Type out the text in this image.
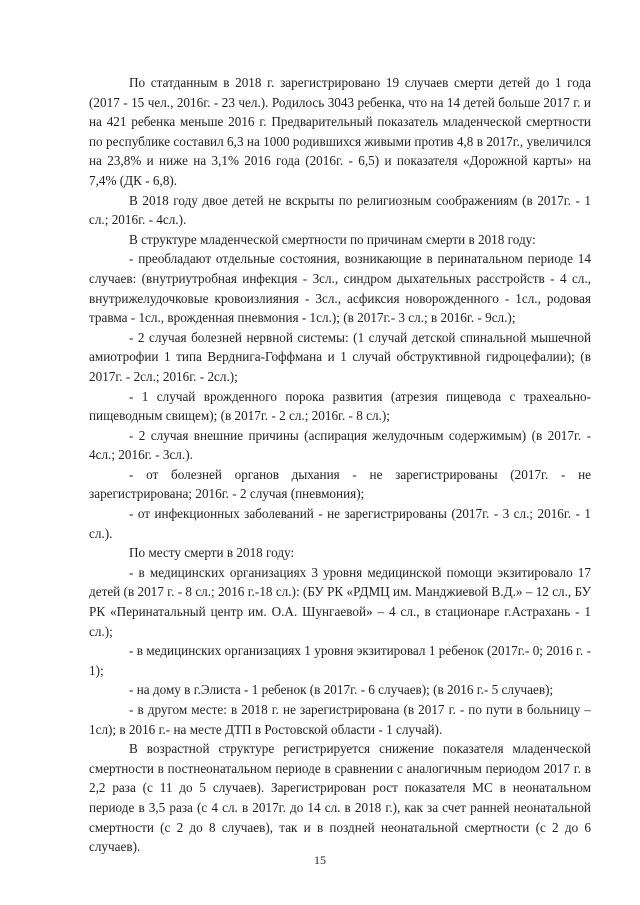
По статданным в 2018 г. зарегистрировано 19 случаев смерти детей до 1 года (2017 - 15 чел., 2016г. - 23 чел.). Родилось 3043 ребенка, что на 14 детей больше 2017 г. и на 421 ребенка меньше 2016 г. Предварительный показатель младенческой смертности по республике составил 6,3 на 1000 родившихся живыми против 4,8 в 2017г., увеличился на 23,8% и ниже на 3,1% 2016 года (2016г. - 6,5) и показателя «Дорожной карты» на 7,4% (ДК - 6,8).

В 2018 году двое детей не вскрыты по религиозным соображениям (в 2017г. - 1 сл.; 2016г. - 4сл.).

В структуре младенческой смертности по причинам смерти в 2018 году:

- преобладают отдельные состояния, возникающие в перинатальном периоде 14 случаев: (внутриутробная инфекция - 3сл., синдром дыхательных расстройств - 4 сл., внутрижелудочковые кровоизлияния - 3сл., асфиксия новорожденного - 1сл., родовая травма - 1сл., врожденная пневмония - 1сл.); (в 2017г.- 3 сл.; в 2016г. - 9сл.);

- 2 случая болезней нервной системы: (1 случай детской спинальной мышечной амиотрофии 1 типа Верднига-Гоффмана и 1 случай обструктивной гидроцефалии); (в 2017г. - 2сл.; 2016г. - 2сл.);

- 1 случай врожденного порока развития (атрезия пищевода с трахеально-пищеводным свищем); (в 2017г. - 2 сл.; 2016г. - 8 сл.);

- 2 случая внешние причины (аспирация желудочным содержимым) (в 2017г. - 4сл.; 2016г. - 3сл.).

- от болезней органов дыхания - не зарегистрированы (2017г. - не зарегистрирована; 2016г. - 2 случая (пневмония);

- от инфекционных заболеваний - не зарегистрированы (2017г. - 3 сл.; 2016г. - 1 сл.).

По месту смерти в 2018 году:

- в медицинских организациях 3 уровня медицинской помощи экзитировало 17 детей (в 2017 г. - 8 сл.; 2016 г.-18 сл.): (БУ РК «РДМЦ им. Манджиевой В.Д.» – 12 сл., БУ РК «Перинатальный центр им. О.А. Шунгаевой» – 4 сл., в стационаре г.Астрахань - 1 сл.);

- в медицинских организациях 1 уровня экзитировал 1 ребенок (2017г.- 0; 2016 г. - 1);

- на дому в г.Элиста - 1 ребенок (в 2017г. - 6 случаев); (в 2016 г.- 5 случаев);

- в другом месте: в 2018 г. не зарегистрирована (в 2017 г. - по пути в больницу – 1сл); в 2016 г.- на месте ДТП в Ростовской области - 1 случай).

В возрастной структуре регистрируется снижение показателя младенческой смертности в постнеонатальном периоде в сравнении с аналогичным периодом 2017 г. в 2,2 раза (с 11 до 5 случаев). Зарегистрирован рост показателя МС в неонатальном периоде в 3,5 раза (с 4 сл. в 2017г. до 14 сл. в 2018 г.), как за счет ранней неонатальной смертности (с 2 до 8 случаев), так и в поздней неонатальной смертности (с 2 до 6 случаев).

15
